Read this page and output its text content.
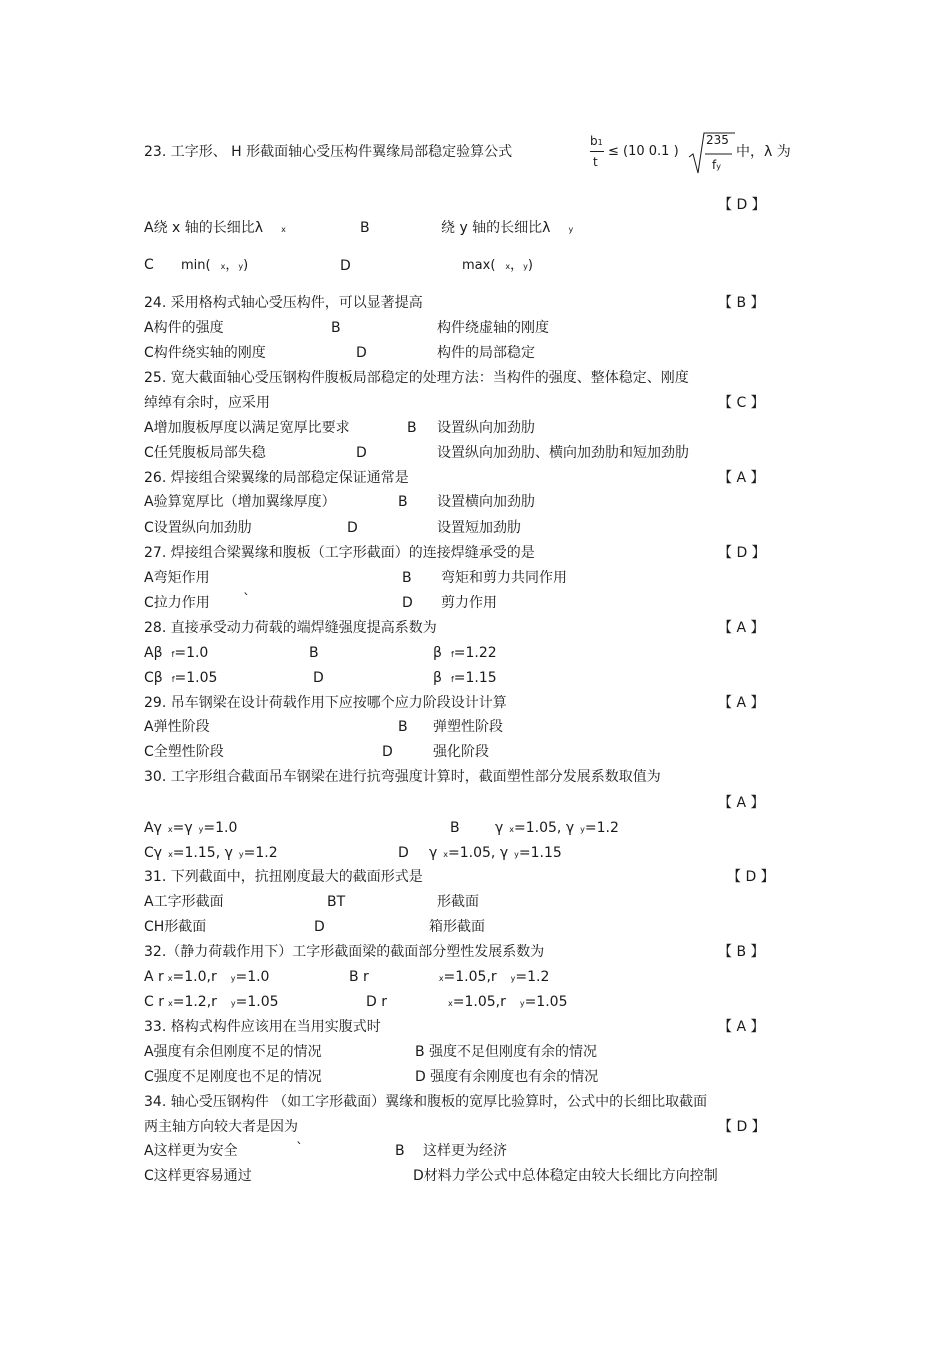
23. 工字形、 H 形截面轴心受压构件翼缘局部稳定验算公式
b1
t
≤ (10 0.1 )
235
fy
中，λ 为
【 D 】
A绕 x 轴的长细比λ x	B	绕 y 轴的长细比λ y
C min( x，y)	D	max( x，y)
24. 采用格构式轴心受压构件，可以显著提高	【 B 】
A构件的强度	B	构件绕虚轴的刚度
C构件绕实轴的刚度	D	构件的局部稳定
25. 宽大截面轴心受压钢构件腹板局部稳定的处理方法：当构件的强度、整体稳定、刚度
绰绰有余时，应采用	【 C 】
A增加腹板厚度以满足宽厚比要求	B 设置纵向加劲肋
C任凭腹板局部失稳	D	设置纵向加劲肋、横向加劲肋和短加劲肋
26. 焊接组合梁翼缘的局部稳定保证通常是	【 A 】
A验算宽厚比（增加翼缘厚度）	B 设置横向加劲肋
C设置纵向加劲肋	D	设置短加劲肋
27. 焊接组合梁翼缘和腹板（工字形截面）的连接焊缝承受的是	【 D 】
A弯矩作用	B 弯矩和剪力共同作用
C拉力作用 `	D 剪力作用
28. 直接承受动力荷载的端焊缝强度提高系数为	【 A 】
Aβ f=1.0	B	β f=1.22
Cβ f=1.05	D	β f=1.15
29. 吊车钢梁在设计荷载作用下应按哪个应力阶段设计计算	【 A 】
A弹性阶段	B 弹塑性阶段
C全塑性阶段	D	强化阶段
30. 工字形组合截面吊车钢梁在进行抗弯强度计算时，截面塑性部分发展系数取值为
【 A 】
Aγ x=γ y=1.0	B	γx=1.05, γ y=1.2
Cγ x=1.15, γ y=1.2	D γx=1.05, γ y=1.15
31. 下列截面中，抗扭刚度最大的截面形式是	【 D 】
A工字形截面	BT	形截面
CH形截面	D	箱形截面
32.（静力荷载作用下）工字形截面梁的截面部分塑性发展系数为	【 B 】
A r x=1.0,r y=1.0	B r	x=1.05,r y=1.2
C r x=1.2,r y=1.05	D r	x=1.05,r y=1.05
33. 格构式构件应该用在当用实腹式时	【 A 】
A强度有余但刚度不足的情况	B 强度不足但刚度有余的情况
C强度不足刚度也不足的情况	D 强度有余刚度也有余的情况
34. 轴心受压钢构件 （如工字形截面）翼缘和腹板的宽厚比验算时，公式中的长细比取截面
两主轴方向较大者是因为	【 D 】
A这样更为安全	`	B 这样更为经济
C这样更容易通过	D材料力学公式中总体稳定由较大长细比方向控制
